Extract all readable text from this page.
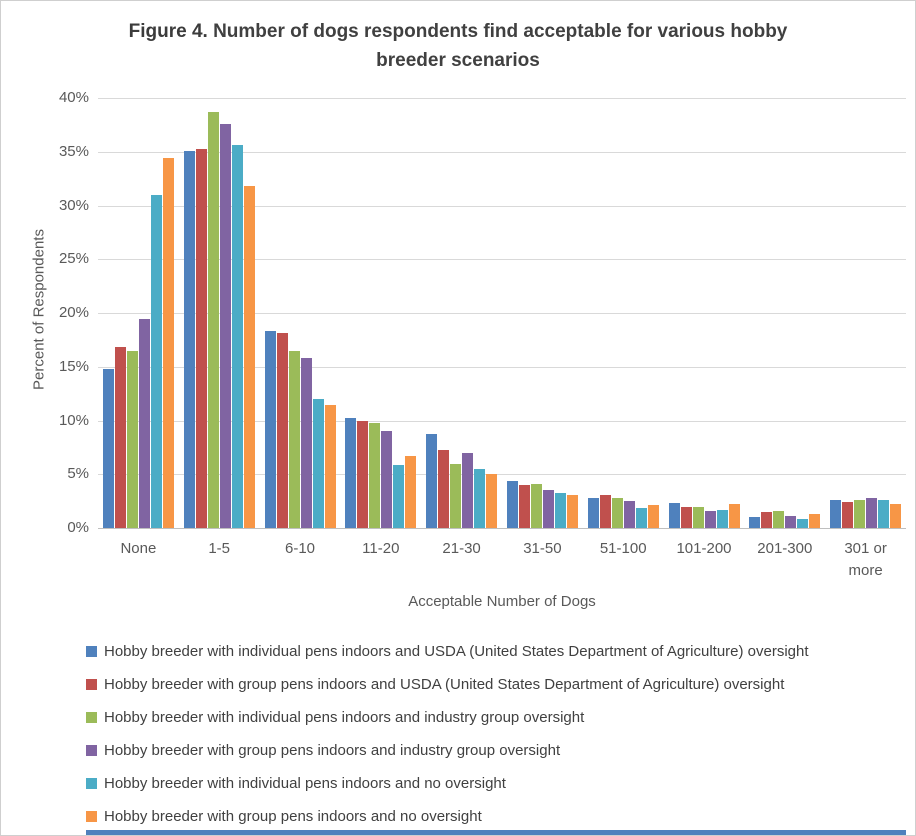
Figure 4. Number of dogs respondents find acceptable for various hobby breeder scenarios
Percent of Respondents
Acceptable Number of Dogs
Hobby breeder with individual pens indoors and USDA (United States Department of Agriculture) oversight
Hobby breeder with group pens indoors and USDA (United States Department of Agriculture) oversight
Hobby breeder with individual pens indoors and industry group oversight
Hobby breeder with group pens indoors and industry group oversight
Hobby breeder with individual pens indoors and no oversight
Hobby breeder with group pens indoors and no oversight
0%
5%
10%
15%
20%
25%
30%
35%
40%
None	1-5	6-10	11-20	21-30	31-50	51-100	101-200	201-300	301 or more
